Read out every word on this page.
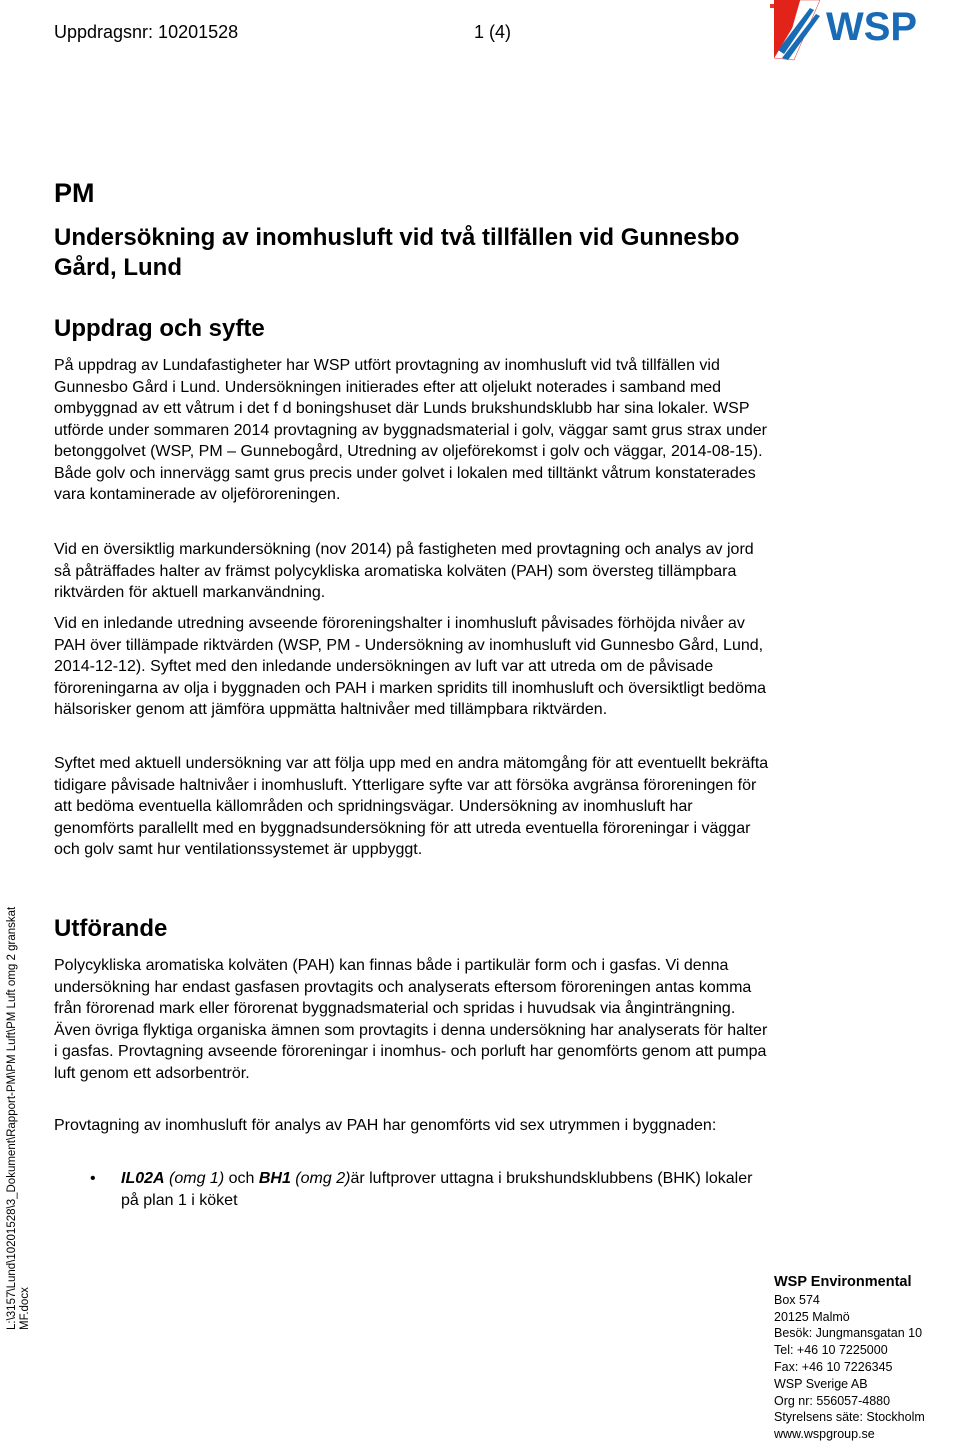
Uppdragsnr: 10201528	1 (4)	WSP
PM
Undersökning av inomhusluft vid två tillfällen vid Gunnesbo Gård, Lund
Uppdrag och syfte

På uppdrag av Lundafastigheter har WSP utfört provtagning av inomhusluft vid två tillfällen vid Gunnesbo Gård i Lund. Undersökningen initierades efter att oljelukt noterades i samband med ombyggnad av ett våtrum i det f d boningshuset där Lunds brukshundsklubb har sina lokaler. WSP utförde under sommaren 2014 provtagning av byggnadsmaterial i golv, väggar samt grus strax under betonggolvet (WSP, PM – Gunnebogård, Utredning av oljeförekomst i golv och väggar, 2014-08-15). Både golv och innervägg samt grus precis under golvet i lokalen med tilltänkt våtrum konstaterades vara kontaminerade av oljeföroreningen.

Vid en översiktlig markundersökning (nov 2014) på fastigheten med provtagning och analys av jord så påträffades halter av främst polycykliska aromatiska kolväten (PAH) som översteg tillämpbara riktvärden för aktuell markanvändning.

Vid en inledande utredning avseende föroreningshalter i inomhusluft påvisades förhöjda nivåer av PAH över tillämpade riktvärden (WSP, PM - Undersökning av inomhusluft vid Gunnesbo Gård, Lund, 2014-12-12). Syftet med den inledande undersökningen av luft var att utreda om de påvisade föroreningarna av olja i byggnaden och PAH i marken spridits till inomhusluft och översiktligt bedöma hälsorisker genom att jämföra uppmätta haltnivåer med tillämpbara riktvärden.

Syftet med aktuell undersökning var att följa upp med en andra mätomgång för att eventuellt bekräfta tidigare påvisade haltnivåer i inomhusluft. Ytterligare syfte var att försöka avgränsa föroreningen för att bedöma eventuella källområden och spridningsvägar. Undersökning av inomhusluft har genomförts parallellt med en byggnadsundersökning för att utreda eventuella föroreningar i väggar och golv samt hur ventilationssystemet är uppbyggt.

Utförande

Polycykliska aromatiska kolväten (PAH) kan finnas både i partikulär form och i gasfas. Vi denna undersökning har endast gasfasen provtagits och analyserats eftersom föroreningen antas komma från förorenad mark eller förorenat byggnadsmaterial och spridas i huvudsak via ånginträngning. Även övriga flyktiga organiska ämnen som provtagits i denna undersökning har analyserats för halter i gasfas. Provtagning avseende föroreningar i inomhus- och porluft har genomförts genom att pumpa luft genom ett adsorbentrör.

Provtagning av inomhusluft för analys av PAH har genomförts vid sex utrymmen i byggnaden:

• IL02A (omg 1) och BH1 (omg 2)är luftprover uttagna i brukshundsklubbens (BHK) lokaler på plan 1 i köket
L:\3157\Lund\10201528\3_Dokument\Rapport-PM\PM Luft\PM Luft omg 2 granskat MF.docx
WSP Environmental
Box 574
20125 Malmö
Besök: Jungmansgatan 10
Tel: +46 10 7225000
Fax: +46 10 7226345
WSP Sverige AB
Org nr: 556057-4880
Styrelsens säte: Stockholm
www.wspgroup.se
